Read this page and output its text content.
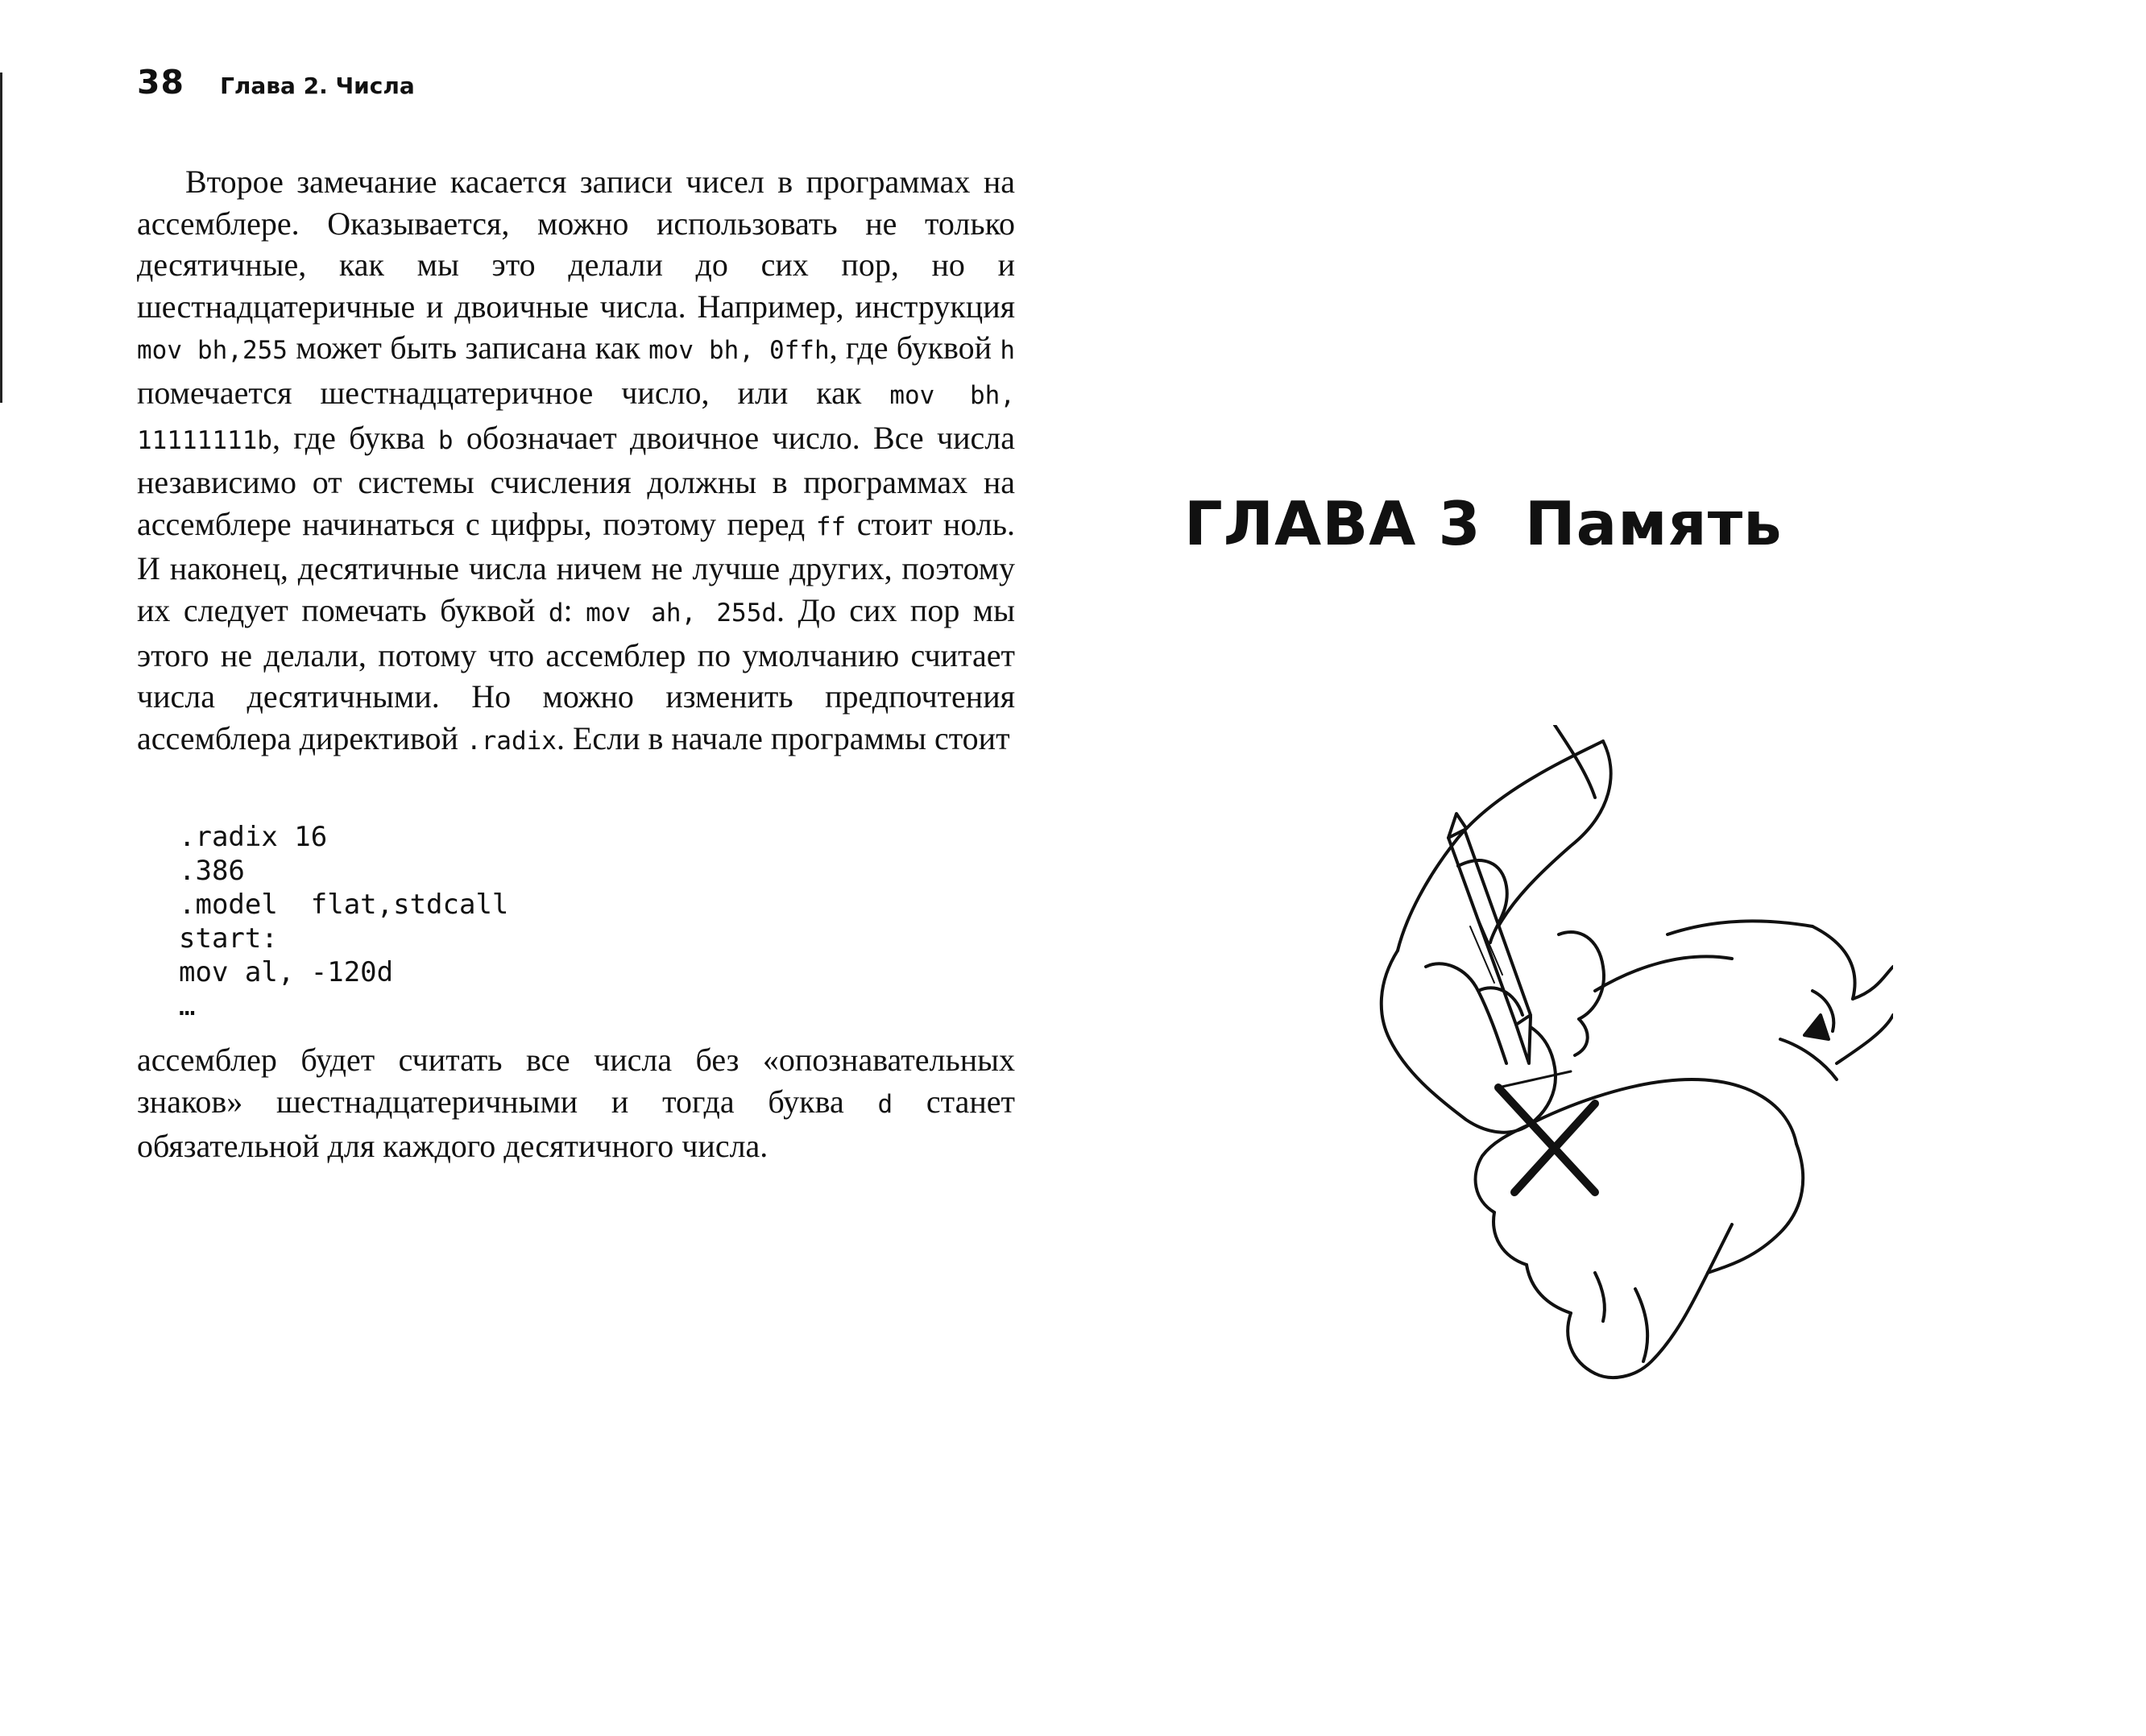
38 Глава 2. Числа

Второе замечание касается записи чисел в программах на ассемблере. Оказывается, можно использовать не только десятичные, как мы это делали до сих пор, но и шестнадцатеричные и двоичные числа. Например, инструкция mov bh,255 может быть записана как mov bh, 0ffh, где буквой h помечается шестнадцатеричное число, или как mov bh, 11111111b, где буква b обозначает двоичное число. Все числа независимо от системы счисления должны в программах на ассемблере начинаться с цифры, поэтому перед ff стоит ноль. И наконец, десятичные числа ничем не лучше других, поэтому их следует помечать буквой d: mov ah, 255d. До сих пор мы этого не делали, потому что ассемблер по умолчанию считает числа десятичными. Но можно изменить предпочтения ассемблера директивой .radix. Если в начале программы стоит

.radix 16
.386
.model  flat,stdcall
start:
mov al, -120d
…

ассемблер будет считать все числа без «опознавательных знаков» шестнадцатеричными и тогда буква d станет обязательной для каждого десятичного числа.

ГЛАВА 3  Память
